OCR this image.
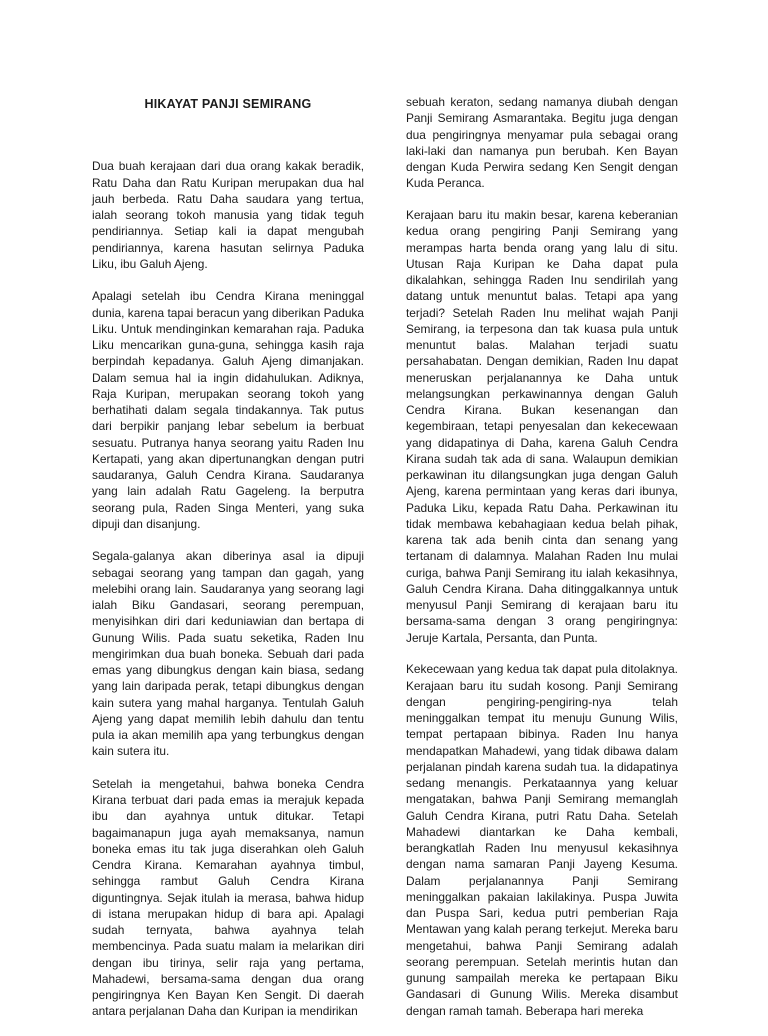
HIKAYAT PANJI SEMIRANG

Dua buah kerajaan dari dua orang kakak beradik, Ratu Daha dan Ratu Kuripan merupakan dua hal jauh berbeda. Ratu Daha saudara yang tertua, ialah seorang tokoh manusia yang tidak teguh pendiriannya. Setiap kali ia dapat mengubah pendiriannya, karena hasutan selirnya Paduka Liku, ibu Galuh Ajeng.

Apalagi setelah ibu Cendra Kirana meninggal dunia, karena tapai beracun yang diberikan Paduka Liku. Untuk mendinginkan kemarahan raja. Paduka Liku mencarikan guna-guna, sehingga kasih raja berpindah kepadanya. Galuh Ajeng dimanjakan. Dalam semua hal ia ingin didahulukan. Adiknya, Raja Kuripan, merupakan seorang tokoh yang berhatihati dalam segala tindakannya. Tak putus dari berpikir panjang lebar sebelum ia berbuat sesuatu. Putranya hanya seorang yaitu Raden Inu Kertapati, yang akan dipertunangkan dengan putri saudaranya, Galuh Cendra Kirana. Saudaranya yang lain adalah Ratu Gageleng. Ia berputra seorang pula, Raden Singa Menteri, yang suka dipuji dan disanjung.

Segala-galanya akan diberinya asal ia dipuji sebagai seorang yang tampan dan gagah, yang melebihi orang lain. Saudaranya yang seorang lagi ialah Biku Gandasari, seorang perempuan, menyisihkan diri dari keduniawian dan bertapa di Gunung Wilis. Pada suatu seketika, Raden Inu mengirimkan dua buah boneka. Sebuah dari pada emas yang dibungkus dengan kain biasa, sedang yang lain daripada perak, tetapi dibungkus dengan kain sutera yang mahal harganya. Tentulah Galuh Ajeng yang dapat memilih lebih dahulu dan tentu pula ia akan memilih apa yang terbungkus dengan kain sutera itu.

Setelah ia mengetahui, bahwa boneka Cendra Kirana terbuat dari pada emas ia merajuk kepada ibu dan ayahnya untuk ditukar. Tetapi bagaimanapun juga ayah memaksanya, namun boneka emas itu tak juga diserahkan oleh Galuh Cendra Kirana. Kemarahan ayahnya timbul, sehingga rambut Galuh Cendra Kirana diguntingnya. Sejak itulah ia merasa, bahwa hidup di istana merupakan hidup di bara api. Apalagi sudah ternyata, bahwa ayahnya telah membencinya. Pada suatu malam ia melarikan diri dengan ibu tirinya, selir raja yang pertama, Mahadewi, bersama-sama dengan dua orang pengiringnya Ken Bayan Ken Sengit. Di daerah antara perjalanan Daha dan Kuripan ia mendirikan

sebuah keraton, sedang namanya diubah dengan Panji Semirang Asmarantaka. Begitu juga dengan dua pengiringnya menyamar pula sebagai orang laki-laki dan namanya pun berubah. Ken Bayan dengan Kuda Perwira sedang Ken Sengit dengan Kuda Peranca.

Kerajaan baru itu makin besar, karena keberanian kedua orang pengiring Panji Semirang yang merampas harta benda orang yang lalu di situ. Utusan Raja Kuripan ke Daha dapat pula dikalahkan, sehingga Raden Inu sendirilah yang datang untuk menuntut balas. Tetapi apa yang terjadi? Setelah Raden Inu melihat wajah Panji Semirang, ia terpesona dan tak kuasa pula untuk menuntut balas. Malahan terjadi suatu persahabatan. Dengan demikian, Raden Inu dapat meneruskan perjalanannya ke Daha untuk melangsungkan perkawinannya dengan Galuh Cendra Kirana. Bukan kesenangan dan kegembiraan, tetapi penyesalan dan kekecewaan yang didapatinya di Daha, karena Galuh Cendra Kirana sudah tak ada di sana. Walaupun demikian perkawinan itu dilangsungkan juga dengan Galuh Ajeng, karena permintaan yang keras dari ibunya, Paduka Liku, kepada Ratu Daha. Perkawinan itu tidak membawa kebahagiaan kedua belah pihak, karena tak ada benih cinta dan senang yang tertanam di dalamnya. Malahan Raden Inu mulai curiga, bahwa Panji Semirang itu ialah kekasihnya, Galuh Cendra Kirana. Daha ditinggalkannya untuk menyusul Panji Semirang di kerajaan baru itu bersama-sama dengan 3 orang pengiringnya: Jeruje Kartala, Persanta, dan Punta.

Kekecewaan yang kedua tak dapat pula ditolaknya. Kerajaan baru itu sudah kosong. Panji Semirang dengan pengiring-pengiring-nya telah meninggalkan tempat itu menuju Gunung Wilis, tempat pertapaan bibinya. Raden Inu hanya mendapatkan Mahadewi, yang tidak dibawa dalam perjalanan pindah karena sudah tua. Ia didapatinya sedang menangis. Perkataannya yang keluar mengatakan, bahwa Panji Semirang memanglah Galuh Cendra Kirana, putri Ratu Daha. Setelah Mahadewi diantarkan ke Daha kembali, berangkatlah Raden Inu menyusul kekasihnya dengan nama samaran Panji Jayeng Kesuma. Dalam perjalanannya Panji Semirang meninggalkan pakaian lakilakinya. Puspa Juwita dan Puspa Sari, kedua putri pemberian Raja Mentawan yang kalah perang terkejut. Mereka baru mengetahui, bahwa Panji Semirang adalah seorang perempuan. Setelah merintis hutan dan gunung sampailah mereka ke pertapaan Biku Gandasari di Gunung Wilis. Mereka disambut dengan ramah tamah. Beberapa hari mereka
